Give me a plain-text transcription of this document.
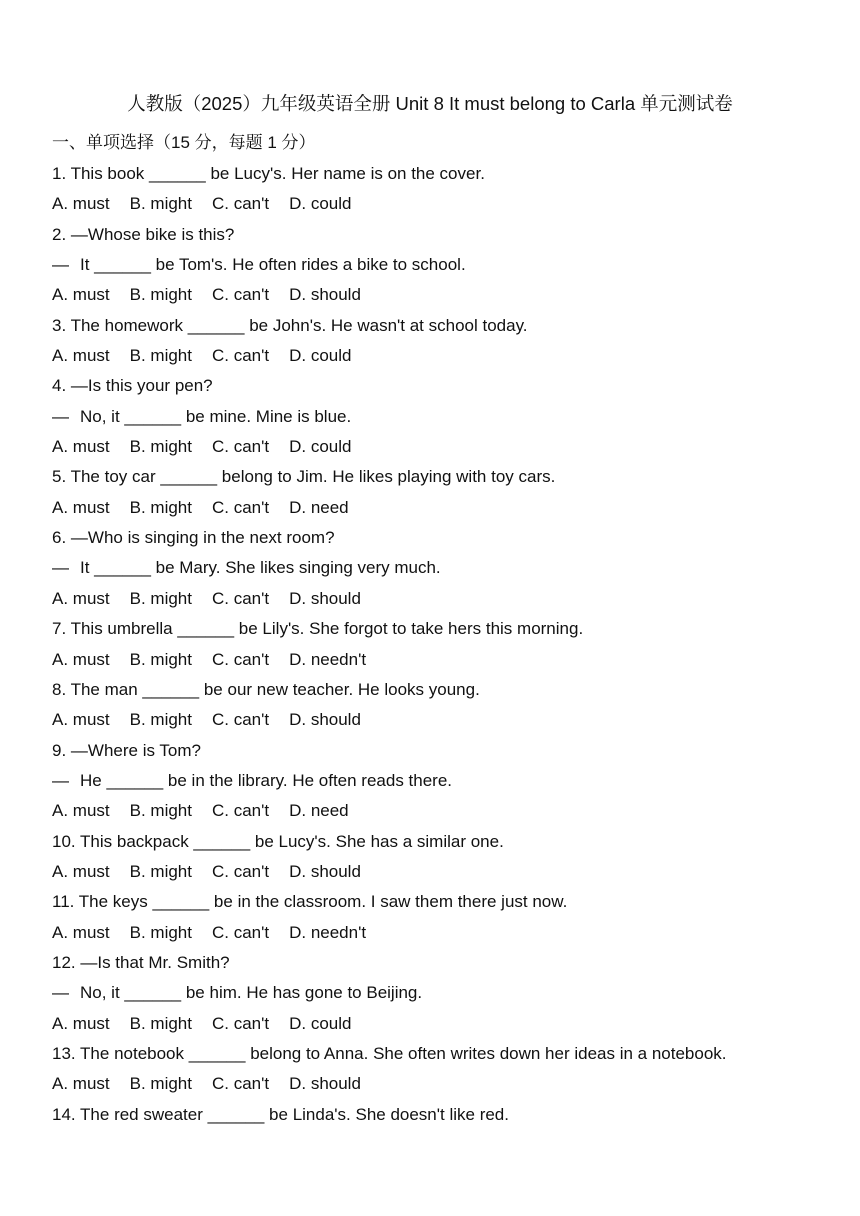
人教版（2025）九年级英语全册 Unit 8 It must belong to Carla 单元测试卷
一、单项选择（15 分，每题 1 分）
1. This book ______ be Lucy's. Her name is on the cover.
A. must B. might C. can't D. could
2. —Whose bike is this?
— It ______ be Tom's. He often rides a bike to school.
A. must B. might C. can't D. should
3. The homework ______ be John's. He wasn't at school today.
A. must B. might C. can't D. could
4. —Is this your pen?
— No, it ______ be mine. Mine is blue.
A. must B. might C. can't D. could
5. The toy car ______ belong to Jim. He likes playing with toy cars.
A. must B. might C. can't D. need
6. —Who is singing in the next room?
— It ______ be Mary. She likes singing very much.
A. must B. might C. can't D. should
7. This umbrella ______ be Lily's. She forgot to take hers this morning.
A. must B. might C. can't D. needn't
8. The man ______ be our new teacher. He looks young.
A. must B. might C. can't D. should
9. —Where is Tom?
— He ______ be in the library. He often reads there.
A. must B. might C. can't D. need
10. This backpack ______ be Lucy's. She has a similar one.
A. must B. might C. can't D. should
11. The keys ______ be in the classroom. I saw them there just now.
A. must B. might C. can't D. needn't
12. —Is that Mr. Smith?
— No, it ______ be him. He has gone to Beijing.
A. must B. might C. can't D. could
13. The notebook ______ belong to Anna. She often writes down her ideas in a notebook.
A. must B. might C. can't D. should
14. The red sweater ______ be Linda's. She doesn't like red.
